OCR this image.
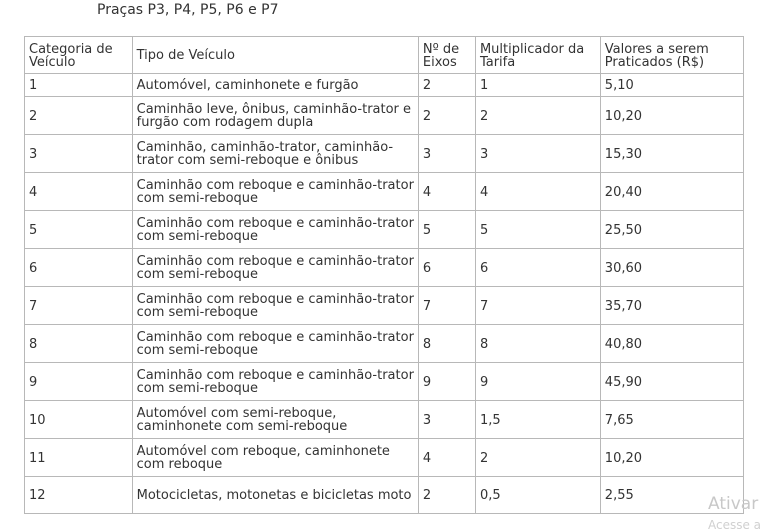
Praças P3, P4, P5, P6 e P7
Categoria de Veículo	Tipo de Veículo	Nº de Eixos	Multiplicador da Tarifa	Valores a serem Praticados (R$)
1	Automóvel, caminhonete e furgão	2	1	5,10
2	Caminhão leve, ônibus, caminhão-trator e furgão com rodagem dupla	2	2	10,20
3	Caminhão, caminhão-trator, caminhão-trator com semi-reboque e ônibus	3	3	15,30
4	Caminhão com reboque e caminhão-trator com semi-reboque	4	4	20,40
5	Caminhão com reboque e caminhão-trator com semi-reboque	5	5	25,50
6	Caminhão com reboque e caminhão-trator com semi-reboque	6	6	30,60
7	Caminhão com reboque e caminhão-trator com semi-reboque	7	7	35,70
8	Caminhão com reboque e caminhão-trator com semi-reboque	8	8	40,80
9	Caminhão com reboque e caminhão-trator com semi-reboque	9	9	45,90
10	Automóvel com semi-reboque, caminhonete com semi-reboque	3	1,5	7,65
11	Automóvel com reboque, caminhonete com reboque	4	2	10,20
12	Motocicletas, motonetas e bicicletas moto	2	0,5	2,55	Ativar
Acesse a
